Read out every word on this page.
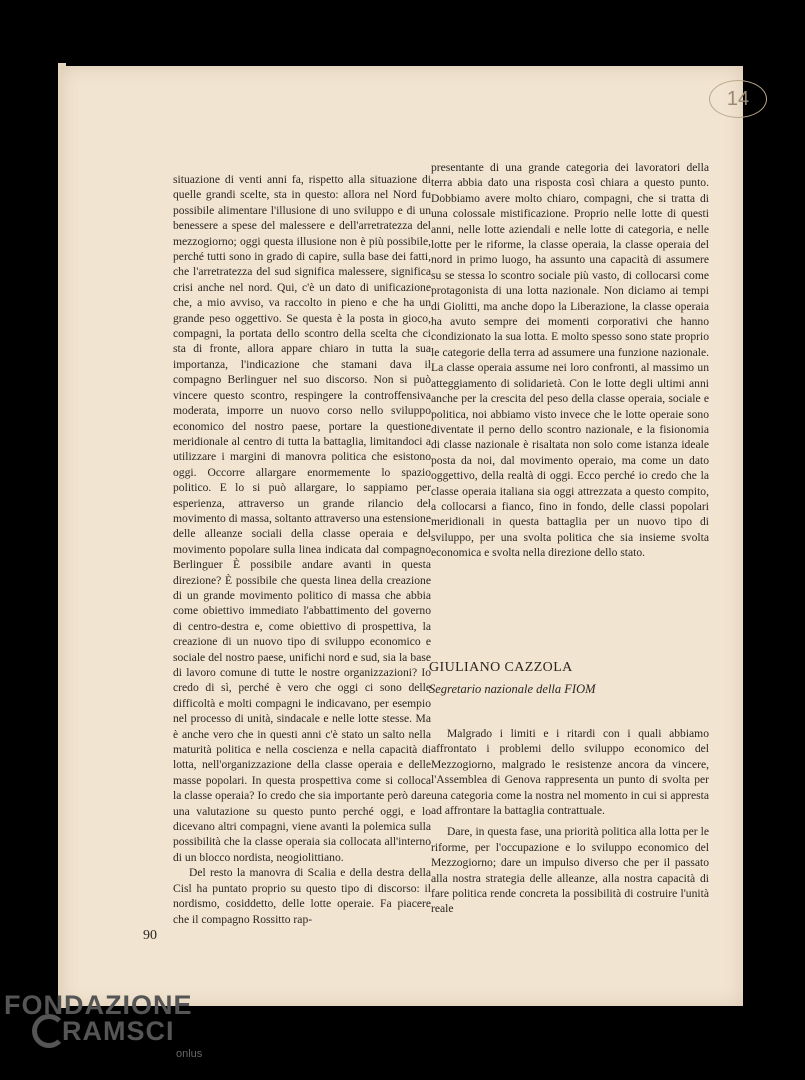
14

situazione di venti anni fa, rispetto alla situazione di quelle grandi scelte, sta in questo: allora nel Nord fu possibile alimentare l'illusione di uno sviluppo e di un benessere a spese del malessere e dell'arretratezza del mezzogiorno; oggi questa illusione non è più possibile, perché tutti sono in grado di capire, sulla base dei fatti, che l'arretratezza del sud significa malessere, significa crisi anche nel nord. Qui, c'è un dato di unificazione che, a mio avviso, va raccolto in pieno e che ha un grande peso oggettivo. Se questa è la posta in gioco, compagni, la portata dello scontro della scelta che ci sta di fronte, allora appare chiaro in tutta la sua importanza, l'indicazione che stamani dava il compagno Berlinguer nel suo discorso. Non si può vincere questo scontro, respingere la controffensiva moderata, imporre un nuovo corso nello sviluppo economico del nostro paese, portare la questione meridionale al centro di tutta la battaglia, limitandoci a utilizzare i margini di manovra politica che esistono oggi. Occorre allargare enormemente lo spazio politico. E lo si può allargare, lo sappiamo per esperienza, attraverso un grande rilancio del movimento di massa, soltanto attraverso una estensione delle alleanze sociali della classe operaia e del movimento popolare sulla linea indicata dal compagno Berlinguer È possibile andare avanti in questa direzione? È possibile che questa linea della creazione di un grande movimento politico di massa che abbia come obiettivo immediato l'abbattimento del governo di centro-destra e, come obiettivo di prospettiva, la creazione di un nuovo tipo di sviluppo economico e sociale del nostro paese, unifichi nord e sud, sia la base di lavoro comune di tutte le nostre organizzazioni? Io credo di sì, perché è vero che oggi ci sono delle difficoltà e molti compagni le indicavano, per esempio nel processo di unità, sindacale e nelle lotte stesse. Ma è anche vero che in questi anni c'è stato un salto nella maturità politica e nella coscienza e nella capacità di lotta, nell'organizzazione della classe operaia e delle masse popolari. In questa prospettiva come si colloca la classe operaia? Io credo che sia importante però dare una valutazione su questo punto perché oggi, e lo dicevano altri compagni, viene avanti la polemica sulla possibilità che la classe operaia sia collocata all'interno di un blocco nordista, neogiolittiano.

Del resto la manovra di Scalia e della destra della Cisl ha puntato proprio su questo tipo di discorso: il nordismo, cosiddetto, delle lotte operaie. Fa piacere che il compagno Rossitto rap-

presentante di una grande categoria dei lavoratori della terra abbia dato una risposta così chiara a questo punto. Dobbiamo avere molto chiaro, compagni, che si tratta di una colossale mistificazione. Proprio nelle lotte di questi anni, nelle lotte aziendali e nelle lotte di categoria, e nelle lotte per le riforme, la classe operaia, la classe operaia del nord in primo luogo, ha assunto una capacità di assumere su se stessa lo scontro sociale più vasto, di collocarsi come protagonista di una lotta nazionale. Non diciamo ai tempi di Giolitti, ma anche dopo la Liberazione, la classe operaia ha avuto sempre dei momenti corporativi che hanno condizionato la sua lotta. E molto spesso sono state proprio le categorie della terra ad assumere una funzione nazionale. La classe operaia assume nei loro confronti, al massimo un atteggiamento di solidarietà. Con le lotte degli ultimi anni anche per la crescita del peso della classe operaia, sociale e politica, noi abbiamo visto invece che le lotte operaie sono diventate il perno dello scontro nazionale, e la fisionomia di classe nazionale è risaltata non solo come istanza ideale posta da noi, dal movimento operaio, ma come un dato oggettivo, della realtà di oggi. Ecco perché io credo che la classe operaia italiana sia oggi attrezzata a questo compito, a collocarsi a fianco, fino in fondo, delle classi popolari meridionali in questa battaglia per un nuovo tipo di sviluppo, per una svolta politica che sia insieme svolta economica e svolta nella direzione dello stato.

GIULIANO CAZZOLA
Segretario nazionale della FIOM

Malgrado i limiti e i ritardi con i quali abbiamo affrontato i problemi dello sviluppo economico del Mezzogiorno, malgrado le resistenze ancora da vincere, l'Assemblea di Genova rappresenta un punto di svolta per una categoria come la nostra nel momento in cui si appresta ad affrontare la battaglia contrattuale.

Dare, in questa fase, una priorità politica alla lotta per le riforme, per l'occupazione e lo sviluppo economico del Mezzogiorno; dare un impulso diverso che per il passato alla nostra strategia delle alleanze, alla nostra capacità di fare politica rende concreta la possibilità di costruire l'unità reale

90
FONDAZIONE
RAMSCI
onlus
